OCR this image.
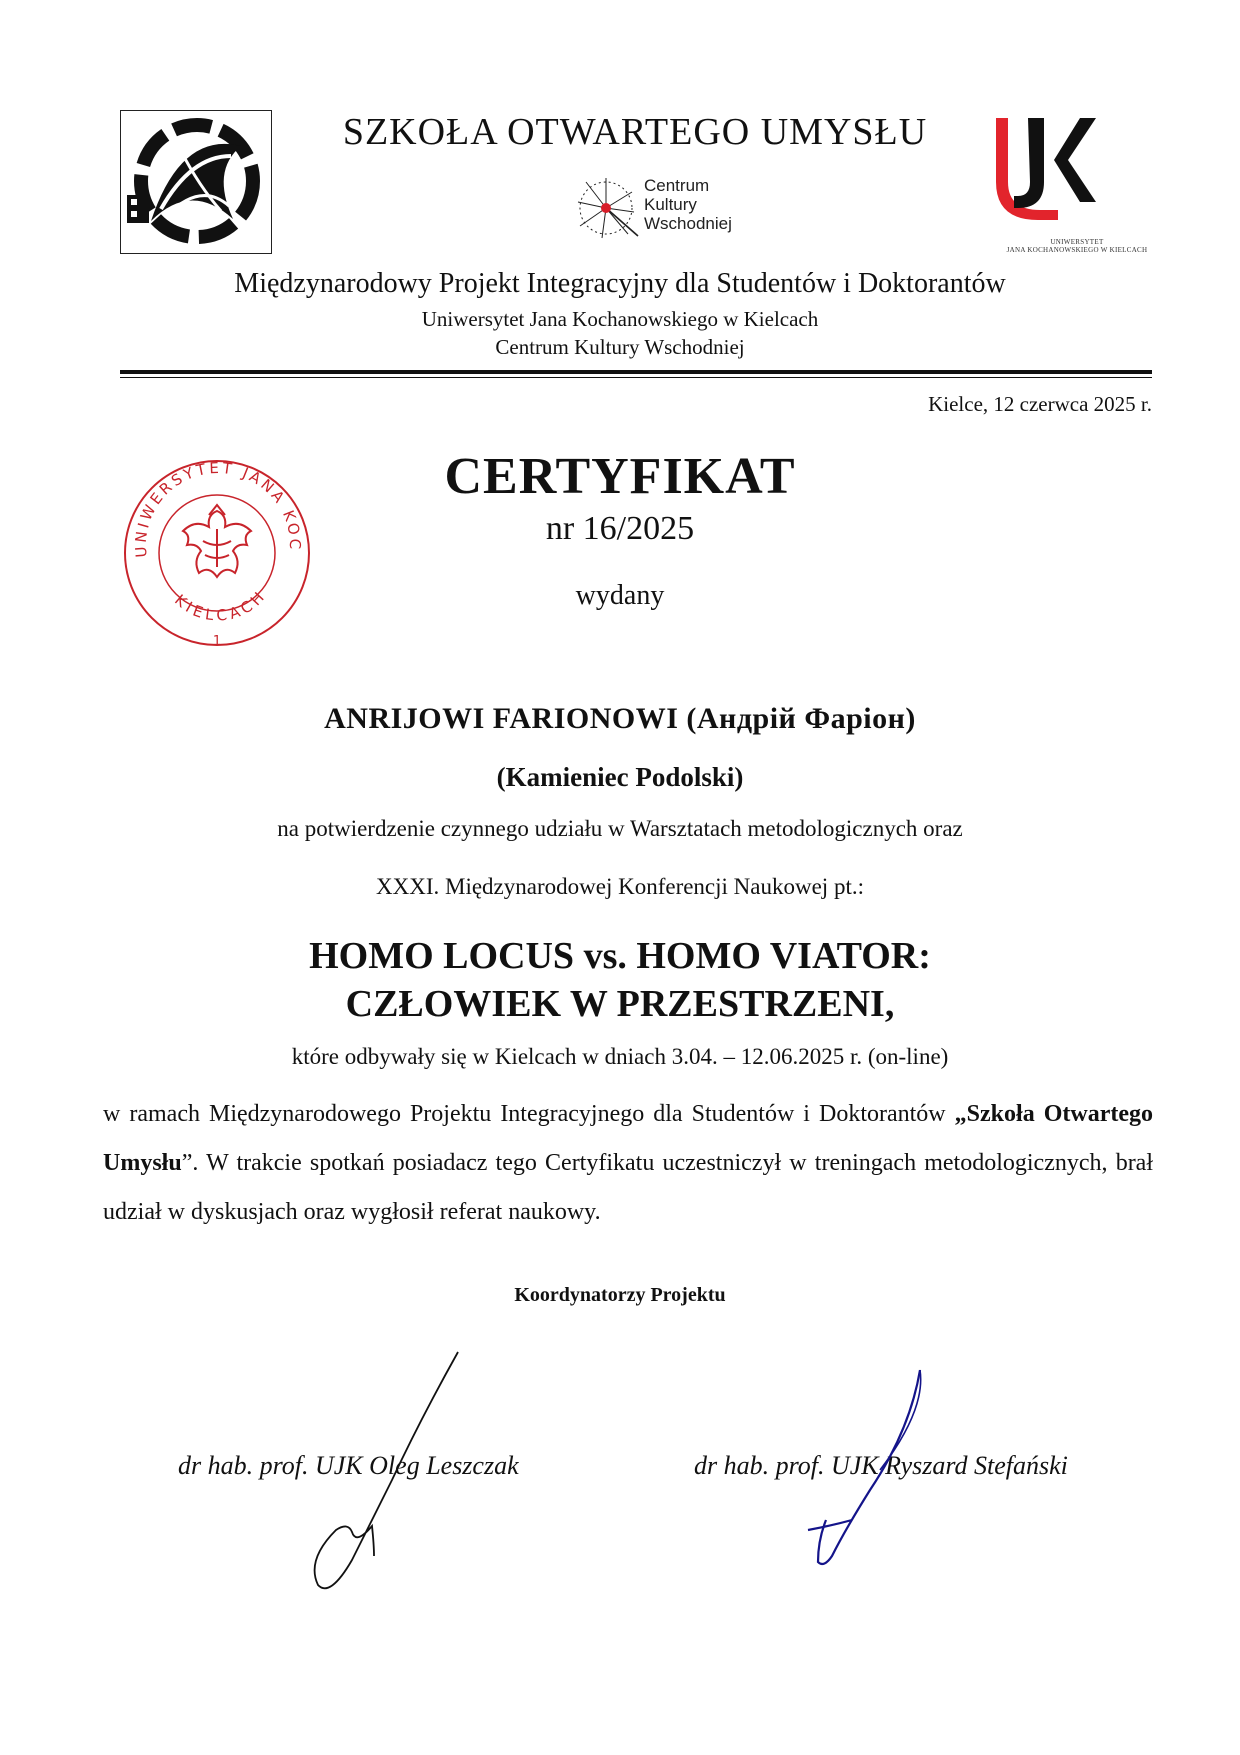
SZKOŁA OTWARTEGO UMYSŁU
Centrum
Kultury
Wschodniej
UNIWERSYTET
JANA KOCHANOWSKIEGO W KIELCACH
Międzynarodowy Projekt Integracyjny dla Studentów i Doktorantów
Uniwersytet Jana Kochanowskiego w Kielcach
Centrum Kultury Wschodniej
Kielce, 12 czerwca 2025 r.
UNIWERSYTET JANA KOC
KIELCACH
1
CERTYFIKAT
nr 16/2025
wydany
ANRIJOWI FARIONOWI (Андрій Фаріон)
(Kamieniec Podolski)
na potwierdzenie czynnego udziału w Warsztatach metodologicznych oraz
XXXI. Międzynarodowej Konferencji Naukowej pt.:
HOMO LOCUS vs. HOMO VIATOR:
CZŁOWIEK W PRZESTRZENI,
które odbywały się w Kielcach w dniach 3.04. – 12.06.2025 r. (on-line)
w ramach Międzynarodowego Projektu Integracyjnego dla Studentów i Doktorantów „Szkoła Otwartego Umysłu”. W trakcie spotkań posiadacz tego Certyfikatu uczestniczył w treningach metodologicznych, brał udział w dyskusjach oraz wygłosił referat naukowy.
Koordynatorzy Projektu
dr hab. prof. UJK Oleg Leszczak	dr hab. prof. UJK Ryszard Stefański
